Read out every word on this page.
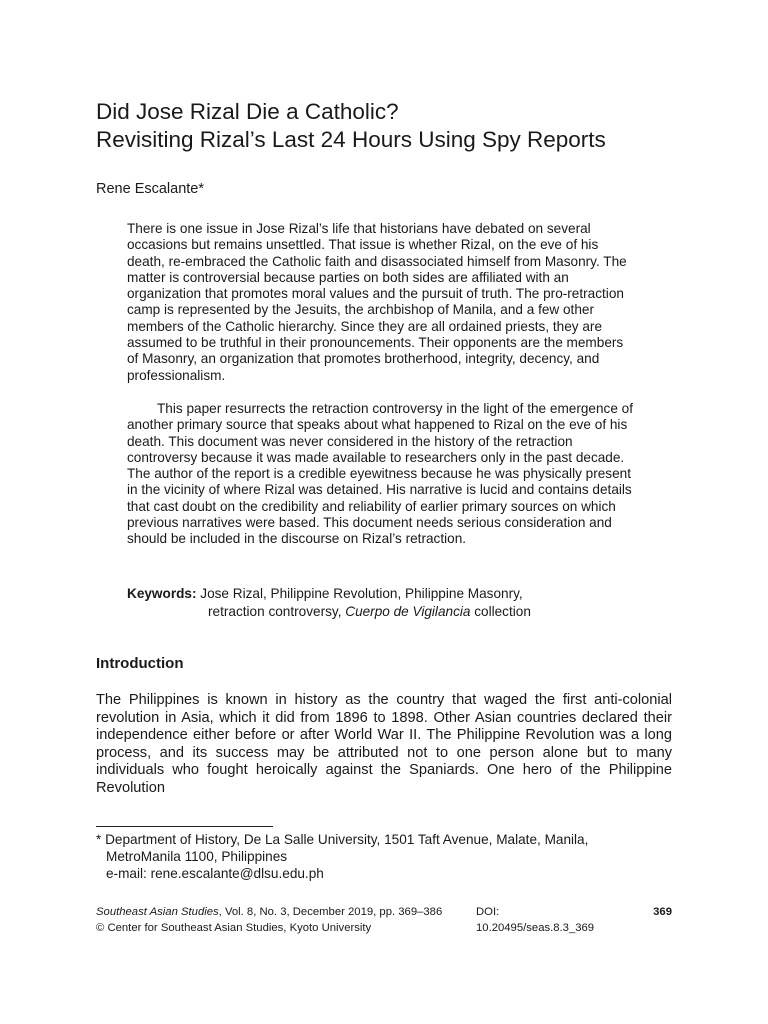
Did Jose Rizal Die a Catholic?
Revisiting Rizal’s Last 24 Hours Using Spy Reports
Rene Escalante*

There is one issue in Jose Rizal’s life that historians have debated on several occasions but remains unsettled. That issue is whether Rizal, on the eve of his death, re-embraced the Catholic faith and disassociated himself from Masonry. The matter is controversial because parties on both sides are affiliated with an organization that promotes moral values and the pursuit of truth. The pro-retraction camp is represented by the Jesuits, the archbishop of Manila, and a few other members of the Catholic hierarchy. Since they are all ordained priests, they are assumed to be truthful in their pronouncements. Their opponents are the members of Masonry, an organization that promotes brotherhood, integrity, decency, and professionalism.

This paper resurrects the retraction controversy in the light of the emergence of another primary source that speaks about what happened to Rizal on the eve of his death. This document was never considered in the history of the retraction controversy because it was made available to researchers only in the past decade. The author of the report is a credible eyewitness because he was physically present in the vicinity of where Rizal was detained. His narrative is lucid and contains details that cast doubt on the credibility and reliability of earlier primary sources on which previous narratives were based. This document needs serious consideration and should be included in the discourse on Rizal’s retraction.

Keywords: Jose Rizal, Philippine Revolution, Philippine Masonry,
retraction controversy, Cuerpo de Vigilancia collection
Introduction

The Philippines is known in history as the country that waged the first anti-colonial revolution in Asia, which it did from 1896 to 1898. Other Asian countries declared their independence either before or after World War II. The Philippine Revolution was a long process, and its success may be attributed not to one person alone but to many individuals who fought heroically against the Spaniards. One hero of the Philippine Revolution

* Department of History, De La Salle University, 1501 Taft Avenue, Malate, Manila,
MetroManila 1100, Philippines
e-mail: rene.escalante@dlsu.edu.ph
Southeast Asian Studies, Vol. 8, No. 3, December 2019, pp. 369–386
© Center for Southeast Asian Studies, Kyoto University
DOI:
10.20495/seas.8.3_369
369
